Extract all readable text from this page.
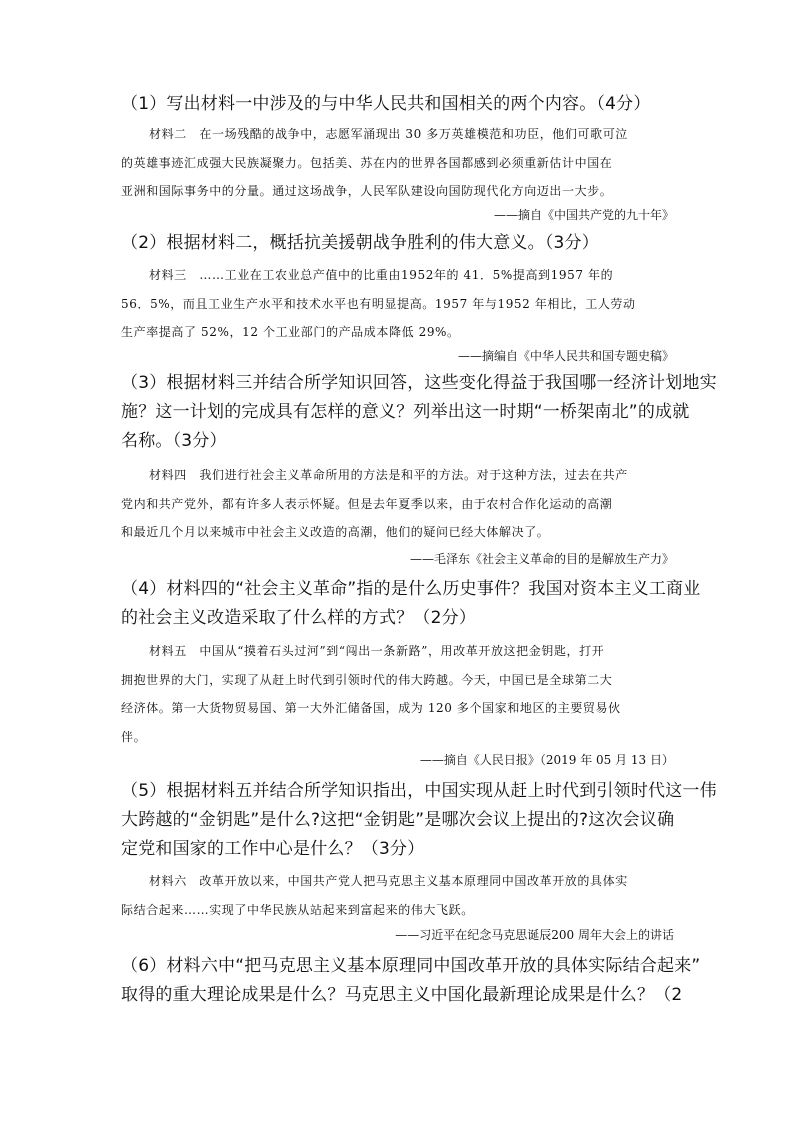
（1）写出材料一中涉及的与中华人民共和国相关的两个内容。（4分）
材料二　在一场残酷的战争中，志愿军涌现出 30 多万英雄模范和功臣，他们可歌可泣
的英雄事迹汇成强大民族凝聚力。包括美、苏在内的世界各国都感到必须重新估计中国在
亚洲和国际事务中的分量。通过这场战争，人民军队建设向国防现代化方向迈出一大步。
——摘自《中国共产党的九十年》
（2）根据材料二，概括抗美援朝战争胜利的伟大意义。（3分）
材料三　……工业在工农业总产值中的比重由1952年的 41．5%提高到1957 年的
56．5%，而且工业生产水平和技术水平也有明显提高。1957 年与1952 年相比，工人劳动
生产率提高了 52%，12 个工业部门的产品成本降低 29%。
——摘编自《中华人民共和国专题史稿》
（3）根据材料三并结合所学知识回答，这些变化得益于我国哪一经济计划地实
施？这一计划的完成具有怎样的意义？列举出这一时期“一桥架南北”的成就
名称。（3分）
材料四　我们进行社会主义革命所用的方法是和平的方法。对于这种方法，过去在共产
党内和共产党外，都有许多人表示怀疑。但是去年夏季以来，由于农村合作化运动的高潮
和最近几个月以来城市中社会主义改造的高潮，他们的疑问已经大体解决了。
——毛泽东《社会主义革命的目的是解放生产力》
（4）材料四的“社会主义革命”指的是什么历史事件？我国对资本主义工商业
的社会主义改造采取了什么样的方式？（2分）
材料五　中国从“摸着石头过河”到“闯出一条新路”，用改革开放这把金钥匙，打开
拥抱世界的大门，实现了从赶上时代到引领时代的伟大跨越。今天，中国已是全球第二大
经济体。第一大货物贸易国、第一大外汇储备国，成为 120 多个国家和地区的主要贸易伙
伴。
——摘自《人民日报》（2019 年 05 月 13 日）
（5）根据材料五并结合所学知识指出，中国实现从赶上时代到引领时代这一伟
大跨越的“金钥匙”是什么?这把“金钥匙”是哪次会议上提出的?这次会议确
定党和国家的工作中心是什么？（3分）
材料六　改革开放以来，中国共产党人把马克思主义基本原理同中国改革开放的具体实
际结合起来……实现了中华民族从站起来到富起来的伟大飞跃。
——习近平在纪念马克思诞辰200 周年大会上的讲话
（6）材料六中“把马克思主义基本原理同中国改革开放的具体实际结合起来”
取得的重大理论成果是什么？马克思主义中国化最新理论成果是什么？（2
